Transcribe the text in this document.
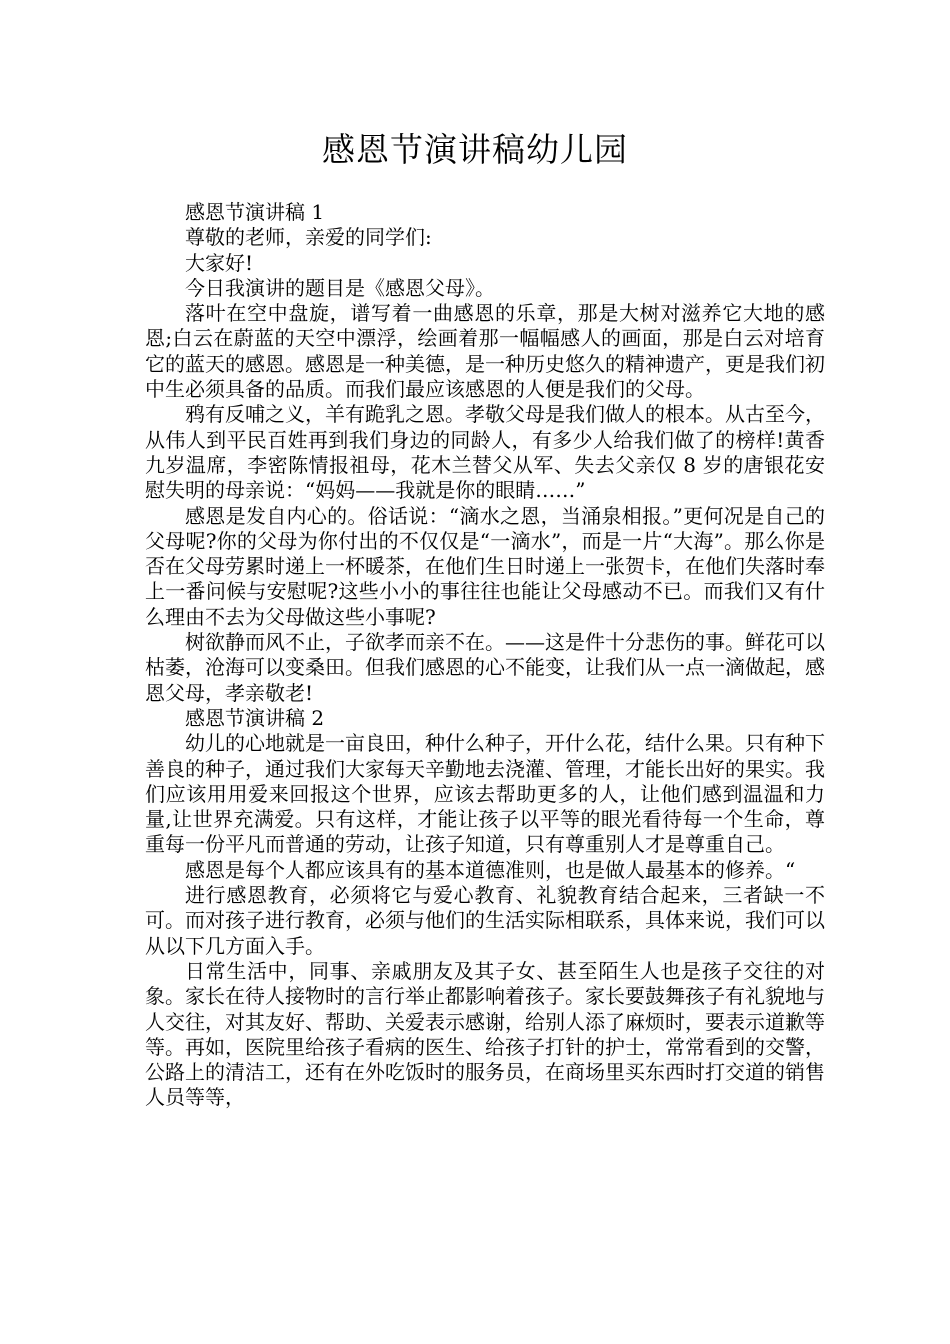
感恩节演讲稿幼儿园

感恩节演讲稿 1

尊敬的老师，亲爱的同学们:

大家好!

今日我演讲的题目是《感恩父母》。

落叶在空中盘旋，谱写着一曲感恩的乐章，那是大树对滋养它大地的感恩;白云在蔚蓝的天空中漂浮，绘画着那一幅幅感人的画面，那是白云对培育它的蓝天的感恩。感恩是一种美德，是一种历史悠久的精神遗产，更是我们初中生必须具备的品质。而我们最应该感恩的人便是我们的父母。

鸦有反哺之义，羊有跪乳之恩。孝敬父母是我们做人的根本。从古至今，从伟人到平民百姓再到我们身边的同龄人，有多少人给我们做了的榜样!黄香九岁温席，李密陈情报祖母，花木兰替父从军、失去父亲仅 8 岁的唐银花安慰失明的母亲说：“妈妈——我就是你的眼睛……”

感恩是发自内心的。俗话说：“滴水之恩，当涌泉相报。”更何况是自己的父母呢?你的父母为你付出的不仅仅是“一滴水”，而是一片“大海”。那么你是否在父母劳累时递上一杯暖茶，在他们生日时递上一张贺卡，在他们失落时奉上一番问候与安慰呢?这些小小的事往往也能让父母感动不已。而我们又有什么理由不去为父母做这些小事呢?

树欲静而风不止，子欲孝而亲不在。——这是件十分悲伤的事。鲜花可以枯萎，沧海可以变桑田。但我们感恩的心不能变，让我们从一点一滴做起，感恩父母，孝亲敬老!

感恩节演讲稿 2

幼儿的心地就是一亩良田，种什么种子，开什么花，结什么果。只有种下善良的种子，通过我们大家每天辛勤地去浇灌、管理，才能长出好的果实。我们应该用用爱来回报这个世界，应该去帮助更多的人，让他们感到温温和力量,让世界充满爱。只有这样，才能让孩子以平等的眼光看待每一个生命，尊重每一份平凡而普通的劳动，让孩子知道，只有尊重别人才是尊重自己。

感恩是每个人都应该具有的基本道德准则，也是做人最基本的修养。“

进行感恩教育，必须将它与爱心教育、礼貌教育结合起来，三者缺一不可。而对孩子进行教育，必须与他们的生活实际相联系，具体来说，我们可以从以下几方面入手。

日常生活中，同事、亲戚朋友及其子女、甚至陌生人也是孩子交往的对象。家长在待人接物时的言行举止都影响着孩子。家长要鼓舞孩子有礼貌地与人交往，对其友好、帮助、关爱表示感谢，给别人添了麻烦时，要表示道歉等等。再如，医院里给孩子看病的医生、给孩子打针的护士，常常看到的交警，公路上的清洁工，还有在外吃饭时的服务员，在商场里买东西时打交道的销售人员等等，
